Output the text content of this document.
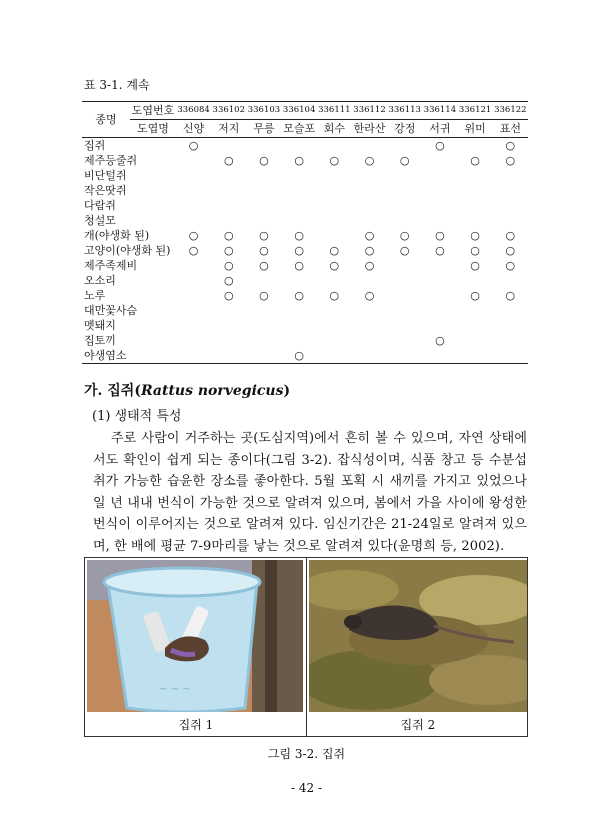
표 3-1. 계속
종명	도엽번호	336084	336102	336103	336104	336111	336112	336113	336114	336121	336122
	도엽명	신양	저지	무릉	모슬포	회수	한라산	강정	서귀	위미	표선
집쥐		○							○		○
제주등줄쥐			○	○	○	○	○	○		○	○
비단털쥐											
작은땃쥐											
다람쥐											
청설모											
개(야생화 된)		○	○	○	○		○	○	○	○	○
고양이(야생화 된)		○	○	○	○	○	○	○	○	○	○
제주족제비			○	○	○	○	○			○	○
오소리			○								
노루			○	○	○	○	○			○	○
대만꽃사슴											
멧돼지											
집토끼									○		
야생염소					○						
가. 집쥐(Rattus norvegicus)
(1) 생태적 특성
주로 사람이 거주하는 곳(도심지역)에서 흔히 볼 수 있으며, 자연 상태에서도 확인이 쉽게 되는 종이다(그림 3-2). 잡식성이며, 식품 창고 등 수분섭취가 가능한 습윤한 장소를 좋아한다. 5월 포획 시 새끼를 가지고 있었으나 일 년 내내 번식이 가능한 것으로 알려져 있으며, 봄에서 가을 사이에 왕성한 번식이 이루어지는 것으로 알려져 있다. 임신기간은 21-24일로 알려져 있으며, 한 배에 평균 7-9마리를 낳는 것으로 알려져 있다(윤명희 등, 2002).
~ ~ ~
집쥐 1	집쥐 2
그림 3-2. 집쥐
- 42 -
